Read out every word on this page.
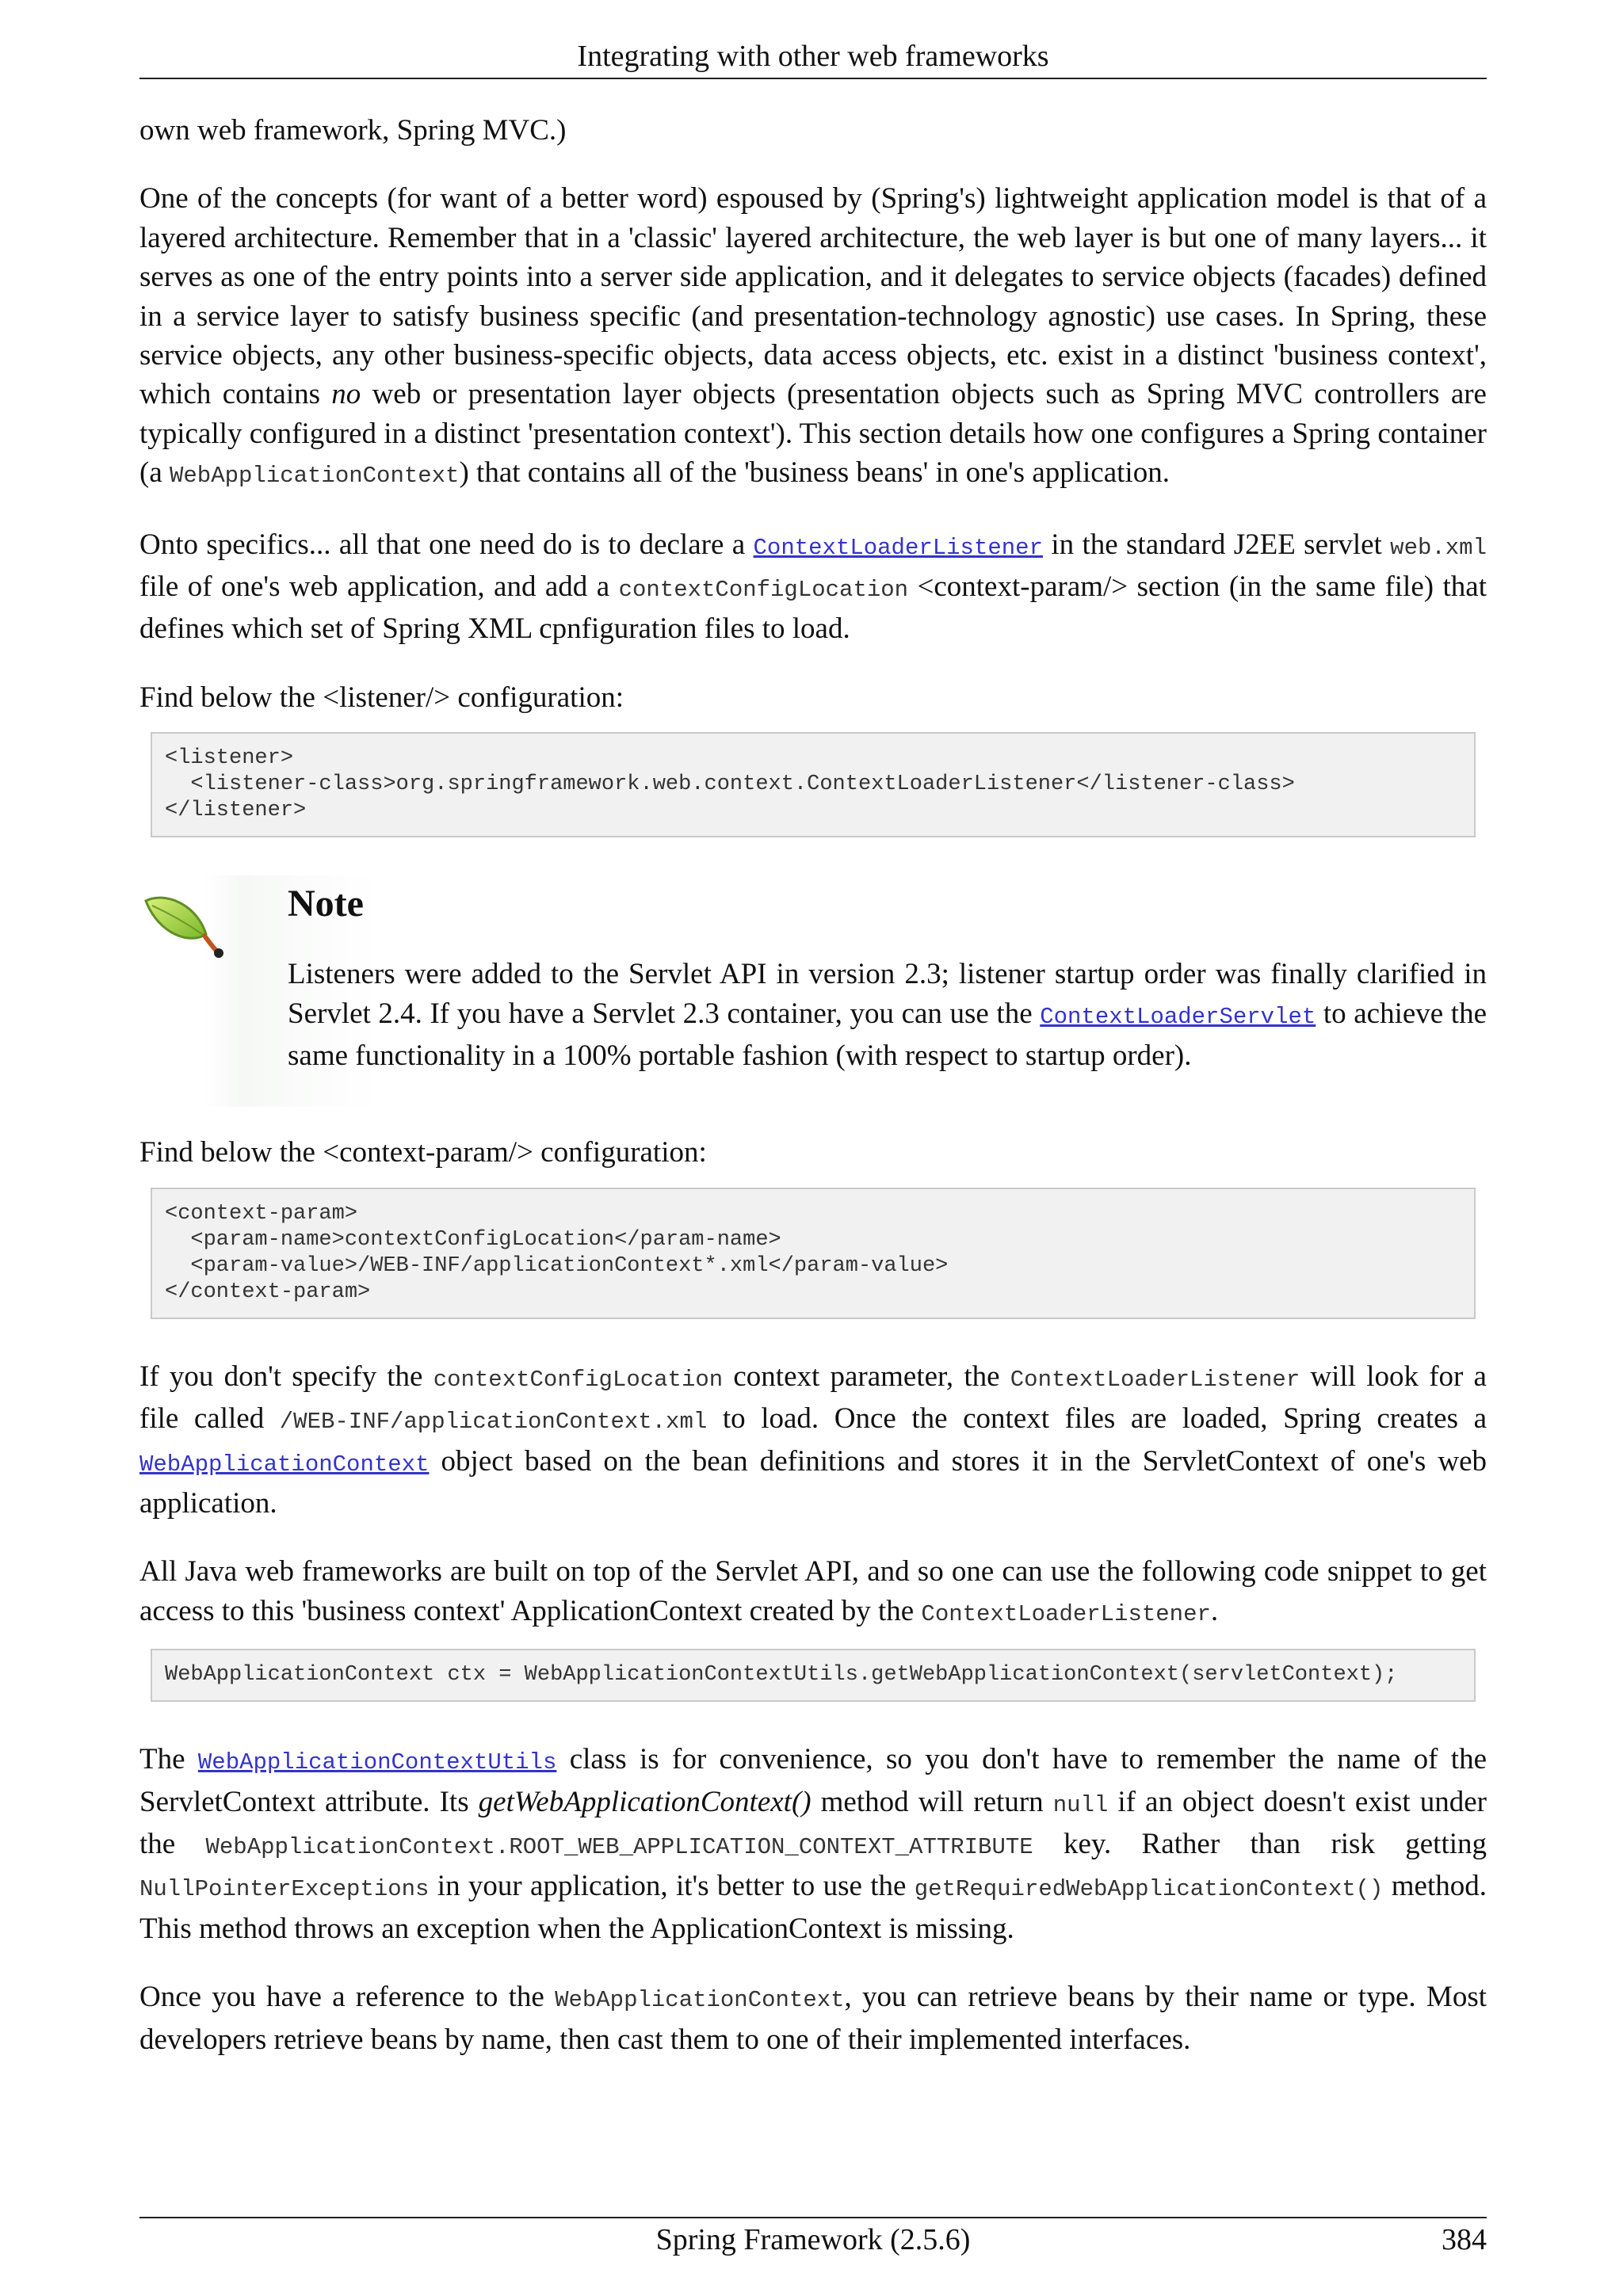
Integrating with other web frameworks

own web framework, Spring MVC.)

One of the concepts (for want of a better word) espoused by (Spring's) lightweight application model is that of a layered architecture. Remember that in a 'classic' layered architecture, the web layer is but one of many layers... it serves as one of the entry points into a server side application, and it delegates to service objects (facades) defined in a service layer to satisfy business specific (and presentation-technology agnostic) use cases. In Spring, these service objects, any other business-specific objects, data access objects, etc. exist in a distinct 'business context', which contains no web or presentation layer objects (presentation objects such as Spring MVC controllers are typically configured in a distinct 'presentation context'). This section details how one configures a Spring container (a WebApplicationContext) that contains all of the 'business beans' in one's application.

Onto specifics... all that one need do is to declare a ContextLoaderListener in the standard J2EE servlet web.xml file of one's web application, and add a contextConfigLocation <context-param/> section (in the same file) that defines which set of Spring XML cpnfiguration files to load.

Find below the <listener/> configuration:

<listener>
<listener-class>org.springframework.web.context.ContextLoaderListener</listener-class>
</listener>
Note

Listeners were added to the Servlet API in version 2.3; listener startup order was finally clarified in Servlet 2.4. If you have a Servlet 2.3 container, you can use the ContextLoaderServlet to achieve the same functionality in a 100% portable fashion (with respect to startup order).

Find below the <context-param/> configuration:

<context-param>
<param-name>contextConfigLocation</param-name>
<param-value>/WEB-INF/applicationContext*.xml</param-value>
</context-param>

If you don't specify the contextConfigLocation context parameter, the ContextLoaderListener will look for a file called /WEB-INF/applicationContext.xml to load. Once the context files are loaded, Spring creates a WebApplicationContext object based on the bean definitions and stores it in the ServletContext of one's web application.

All Java web frameworks are built on top of the Servlet API, and so one can use the following code snippet to get access to this 'business context' ApplicationContext created by the ContextLoaderListener.

WebApplicationContext ctx = WebApplicationContextUtils.getWebApplicationContext(servletContext);

The WebApplicationContextUtils class is for convenience, so you don't have to remember the name of the ServletContext attribute. Its getWebApplicationContext() method will return null if an object doesn't exist under the WebApplicationContext.ROOT_WEB_APPLICATION_CONTEXT_ATTRIBUTE key. Rather than risk getting NullPointerExceptions in your application, it's better to use the getRequiredWebApplicationContext() method. This method throws an exception when the ApplicationContext is missing.

Once you have a reference to the WebApplicationContext, you can retrieve beans by their name or type. Most developers retrieve beans by name, then cast them to one of their implemented interfaces.

Spring Framework (2.5.6)	384
